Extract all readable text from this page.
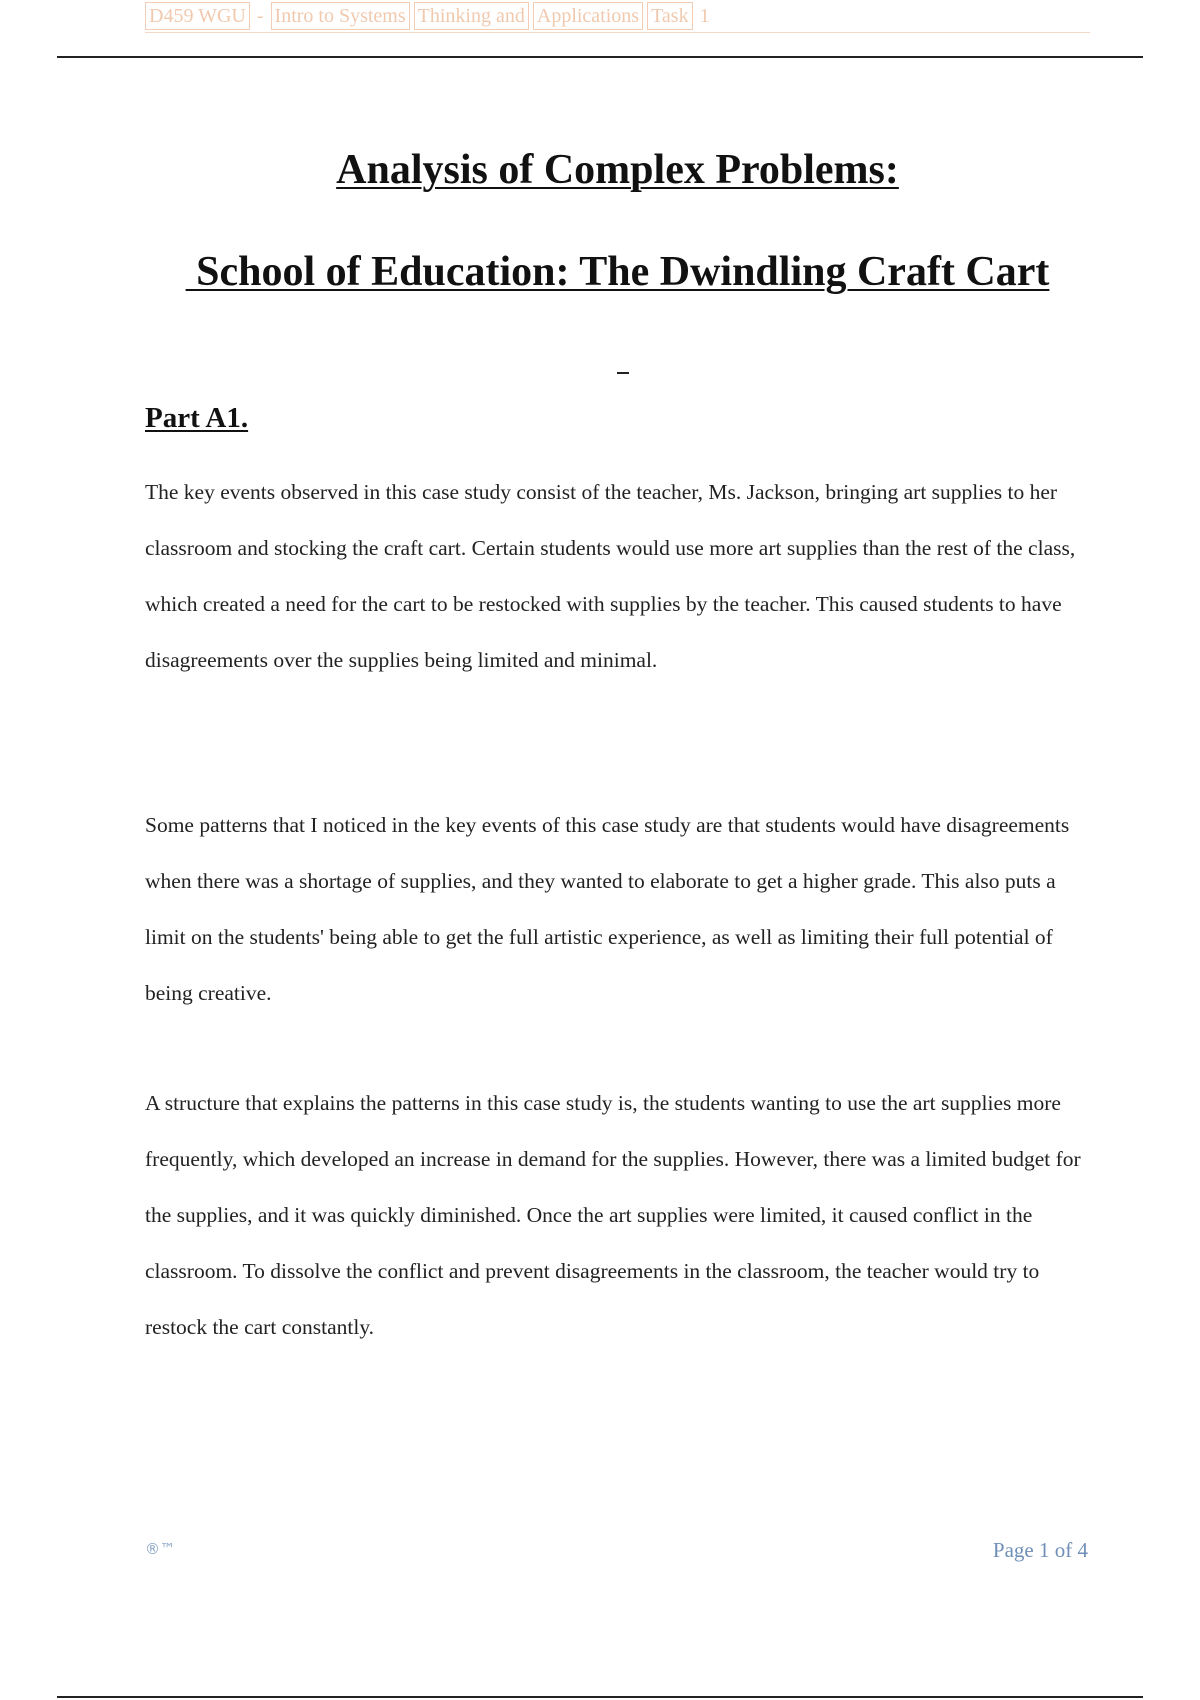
D459 WGU - Intro to Systems Thinking and Applications Task 1
Analysis of Complex Problems:
School of Education: The Dwindling Craft Cart
Part A1.

The key events observed in this case study consist of the teacher, Ms. Jackson, bringing art supplies to her classroom and stocking the craft cart. Certain students would use more art supplies than the rest of the class, which created a need for the cart to be restocked with supplies by the teacher. This caused students to have disagreements over the supplies being limited and minimal.

Some patterns that I noticed in the key events of this case study are that students would have disagreements when there was a shortage of supplies, and they wanted to elaborate to get a higher grade. This also puts a limit on the students' being able to get the full artistic experience, as well as limiting their full potential of being creative.

A structure that explains the patterns in this case study is, the students wanting to use the art supplies more frequently, which developed an increase in demand for the supplies. However, there was a limited budget for the supplies, and it was quickly diminished. Once the art supplies were limited, it caused conflict in the classroom. To dissolve the conflict and prevent disagreements in the classroom, the teacher would try to restock the cart constantly.

®™	Page 1 of 4
